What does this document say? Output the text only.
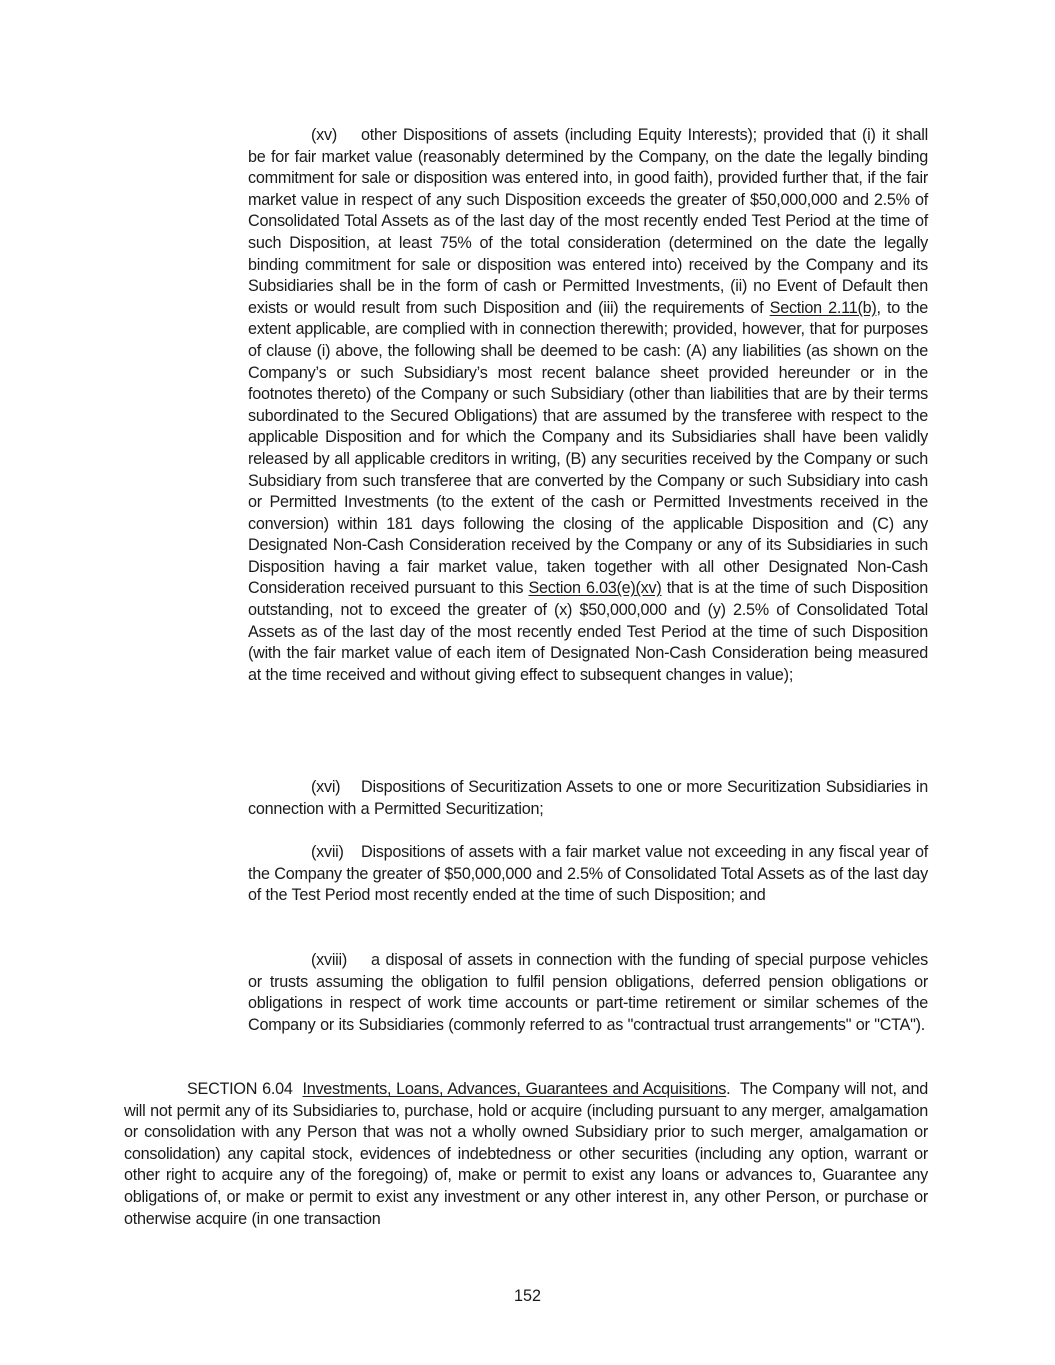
(xv) other Dispositions of assets (including Equity Interests); provided that (i) it shall be for fair market value (reasonably determined by the Company, on the date the legally binding commitment for sale or disposition was entered into, in good faith), provided further that, if the fair market value in respect of any such Disposition exceeds the greater of $50,000,000 and 2.5% of Consolidated Total Assets as of the last day of the most recently ended Test Period at the time of such Disposition, at least 75% of the total consideration (determined on the date the legally binding commitment for sale or disposition was entered into) received by the Company and its Subsidiaries shall be in the form of cash or Permitted Investments, (ii) no Event of Default then exists or would result from such Disposition and (iii) the requirements of Section 2.11(b), to the extent applicable, are complied with in connection therewith; provided, however, that for purposes of clause (i) above, the following shall be deemed to be cash: (A) any liabilities (as shown on the Company’s or such Subsidiary’s most recent balance sheet provided hereunder or in the footnotes thereto) of the Company or such Subsidiary (other than liabilities that are by their terms subordinated to the Secured Obligations) that are assumed by the transferee with respect to the applicable Disposition and for which the Company and its Subsidiaries shall have been validly released by all applicable creditors in writing, (B) any securities received by the Company or such Subsidiary from such transferee that are converted by the Company or such Subsidiary into cash or Permitted Investments (to the extent of the cash or Permitted Investments received in the conversion) within 181 days following the closing of the applicable Disposition and (C) any Designated Non-Cash Consideration received by the Company or any of its Subsidiaries in such Disposition having a fair market value, taken together with all other Designated Non-Cash Consideration received pursuant to this Section 6.03(e)(xv) that is at the time of such Disposition outstanding, not to exceed the greater of (x) $50,000,000 and (y) 2.5% of Consolidated Total Assets as of the last day of the most recently ended Test Period at the time of such Disposition (with the fair market value of each item of Designated Non-Cash Consideration being measured at the time received and without giving effect to subsequent changes in value);

(xvi) Dispositions of Securitization Assets to one or more Securitization Subsidiaries in connection with a Permitted Securitization;

(xvii) Dispositions of assets with a fair market value not exceeding in any fiscal year of the Company the greater of $50,000,000 and 2.5% of Consolidated Total Assets as of the last day of the Test Period most recently ended at the time of such Disposition; and

(xviii) a disposal of assets in connection with the funding of special purpose vehicles or trusts assuming the obligation to fulfil pension obligations, deferred pension obligations or obligations in respect of work time accounts or part-time retirement or similar schemes of the Company or its Subsidiaries (commonly referred to as "contractual trust arrangements" or "CTA").

SECTION 6.04 Investments, Loans, Advances, Guarantees and Acquisitions. The Company will not, and will not permit any of its Subsidiaries to, purchase, hold or acquire (including pursuant to any merger, amalgamation or consolidation with any Person that was not a wholly owned Subsidiary prior to such merger, amalgamation or consolidation) any capital stock, evidences of indebtedness or other securities (including any option, warrant or other right to acquire any of the foregoing) of, make or permit to exist any loans or advances to, Guarantee any obligations of, or make or permit to exist any investment or any other interest in, any other Person, or purchase or otherwise acquire (in one transaction

152
